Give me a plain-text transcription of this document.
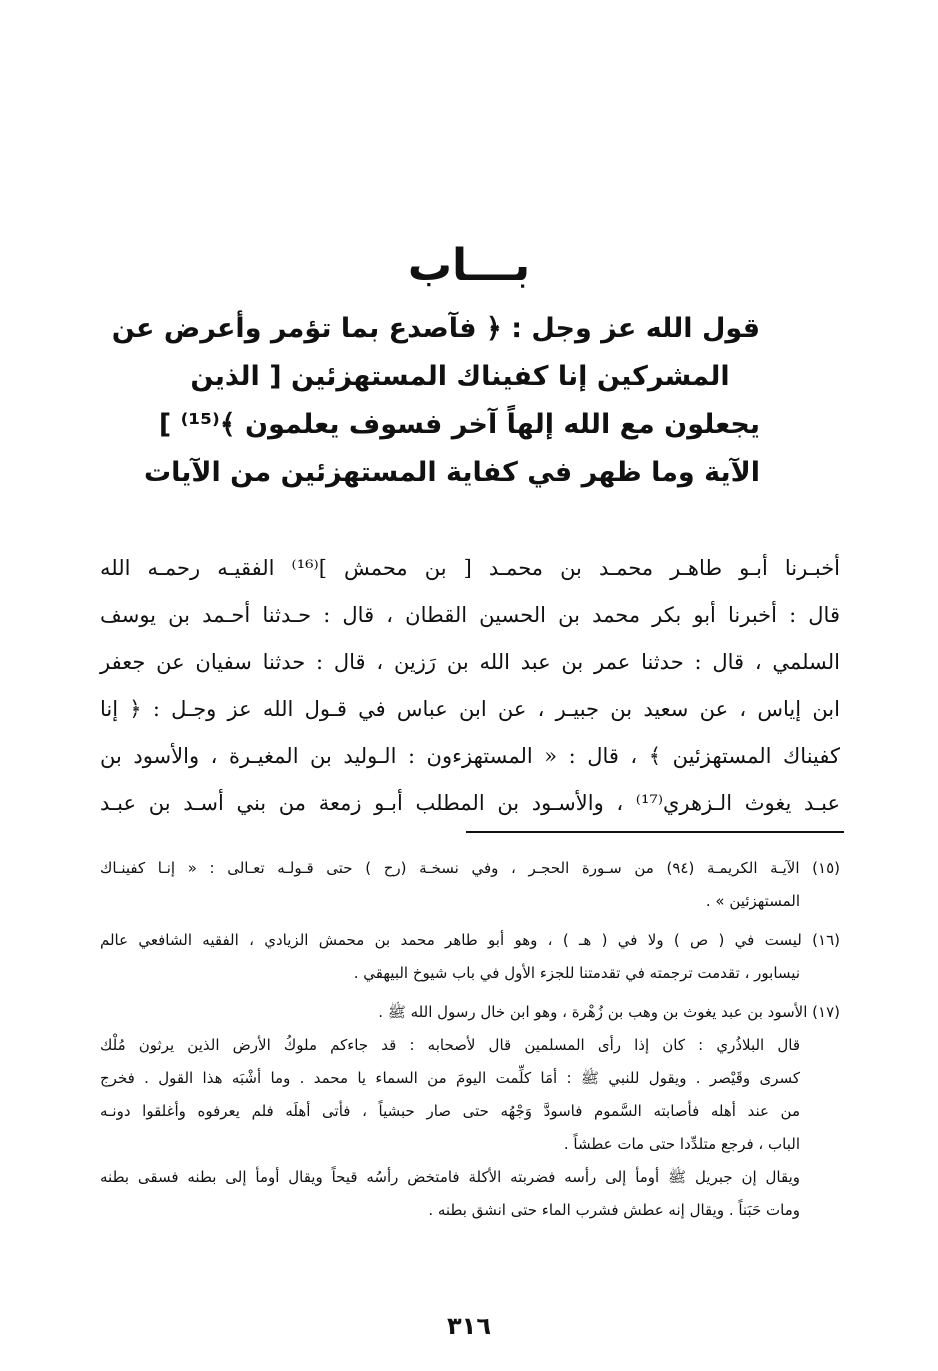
بـــاب
قول الله عز وجل : ﴿ فآصدع بما تؤمر وأعرض عن
المشركين إنا كفيناك المستهزئين [ الذين
يجعلون مع الله إلهاً آخر فسوف يعلمون ﴾⁽¹⁵⁾ ]
الآية وما ظهر في كفاية المستهزئين من الآيات
أخبـرنا أبـو طاهـر محمـد بن محمـد [ بن محمش ]⁽¹⁶⁾ الفقيـه رحمـه الله
قال : أخبرنا أبو بكر محمد بن الحسين القطان ، قال : حـدثنا أحـمد بن يوسف
السلمي ، قال : حدثنا عمر بن عبد الله بن رَزين ، قال : حدثنا سفيان عن جعفر
ابن إياس ، عن سعيد بن جبيـر ، عن ابن عباس في قـول الله عز وجـل : ﴿ إنا
كفيناك المستهزئين ﴾ ، قال : « المستهزءون : الـوليد بن المغيـرة ، والأسود بن
عبـد يغوث الـزهري⁽¹⁷⁾ ، والأسـود بن المطلب أبـو زمعة من بني أسـد بن عبـد
(١٥) الآيـة الكريمـة (٩٤) من سـورة الحجـر ، وفي نسخـة (رح ) حتى قـولـه تعـالى : « إنـا كفينـاك
المستهزئين » .
(١٦) ليست في ( ص ) ولا في ( هـ ) ، وهو أبو طاهر محمد بن محمش الزيادي ، الفقيه الشافعي عالم
نيسابور ، تقدمت ترجمته في تقدمتنا للجزء الأول في باب شيوخ البيهقي .
(١٧) الأسود بن عبد يغوث بن وهب بن زُهْرة ، وهو ابن خال رسول الله ﷺ .
قال البلاذُري : كان إذا رأى المسلمين قال لأصحابه : قد جاءكم ملوكُ الأرض الذين يرثون مُلْك
كسرى وقَيْصر . ويقول للنبي ﷺ : أمَا كلِّمت اليومَ من السماء يا محمد . وما أشْبَه هذا القول . فخرج
من عند أهله فأصابته السَّموم فاسودَّ وَجْهُه حتى صار حبشياً ، فأتى أهلَه فلم يعرفوه وأغلقوا دونـه
الباب ، فرجع متلدِّدا حتى مات عطشاً .
ويقال إن جبريل ﷺ أومأ إلى رأسه فضربته الأكلة فامتخض رأسُه قيحاً ويقال أومأ إلى بطنه فسقى بطنه
ومات حَبَناً . ويقال إنه عطش فشرب الماء حتى انشق بطنه .
٣١٦
